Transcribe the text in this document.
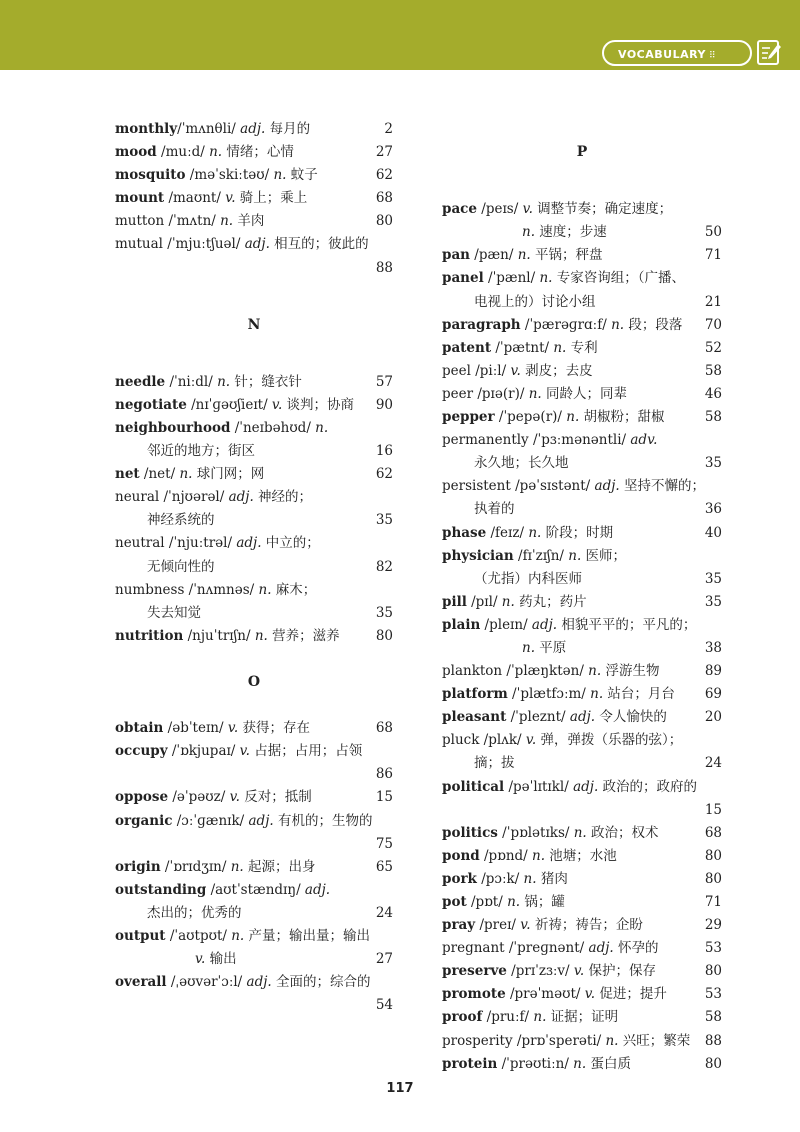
VOCABULARY ⠿
monthly/ˈmʌnθli/ adj. 每月的	2
mood /muːd/ n. 情绪；心情	27
mosquito /məˈskiːtəʊ/ n. 蚊子	62
mount /maʊnt/ v. 骑上；乘上	68
mutton /ˈmʌtn/ n. 羊肉	80
mutual /ˈmjuːtʃuəl/ adj. 相互的；彼此的
88
N
needle /ˈniːdl/ n. 针；缝衣针	57
negotiate /nɪˈɡəʊʃieɪt/ v. 谈判；协商 90
neighbourhood /ˈneɪbəhʊd/ n.
邻近的地方；街区	16
net /net/ n. 球门网；网	62
neural /ˈnjʊərəl/ adj. 神经的；
神经系统的	35
neutral /ˈnjuːtrəl/ adj. 中立的；
无倾向性的	82
numbness /ˈnʌmnəs/ n. 麻木；
失去知觉	35
nutrition /njuˈtrɪʃn/ n. 营养；滋养	80
O
obtain /əbˈteɪn/ v. 获得；存在	68
occupy /ˈɒkjupaɪ/ v. 占据；占用；占领
86
oppose /əˈpəʊz/ v. 反对；抵制	15
organic /ɔːˈɡænɪk/ adj. 有机的；生物的
75
origin /ˈɒrɪdʒɪn/ n. 起源；出身	65
outstanding /aʊtˈstændɪŋ/ adj.
杰出的；优秀的	24
output /ˈaʊtpʊt/ n. 产量；输出量；输出
v. 输出	27
overall /ˌəʊvərˈɔːl/ adj. 全面的；综合的
54
P
pace /peɪs/ v. 调整节奏；确定速度；
n. 速度；步速	50
pan /pæn/ n. 平锅；秤盘	71
panel /ˈpænl/ n. 专家咨询组；（广播、
电视上的）讨论小组	21
paragraph /ˈpærəɡrɑːf/ n. 段；段落 70
patent /ˈpætnt/ n. 专利	52
peel /piːl/ v. 剥皮；去皮	58
peer /pɪə(r)/ n. 同龄人；同辈	46
pepper /ˈpepə(r)/ n. 胡椒粉；甜椒	58
permanently /ˈpɜːmənəntli/ adv.
永久地；长久地	35
persistent /pəˈsɪstənt/ adj. 坚持不懈的；
执着的	36
phase /feɪz/ n. 阶段；时期	40
physician /fɪˈzɪʃn/ n. 医师；
（尤指）内科医师	35
pill /pɪl/ n. 药丸；药片	35
plain /pleɪn/ adj. 相貌平平的；平凡的；
n. 平原	38
plankton /ˈplæŋktən/ n. 浮游生物	89
platform /ˈplætfɔːm/ n. 站台；月台 69
pleasant /ˈpleznt/ adj. 令人愉快的	20
pluck /plʌk/ v. 弹，弹拨（乐器的弦）；
摘；拔	24
political /pəˈlɪtɪkl/ adj. 政治的；政府的
15
politics /ˈpɒlətɪks/ n. 政治；权术	68
pond /pɒnd/ n. 池塘；水池	80
pork /pɔːk/ n. 猪肉	80
pot /pɒt/ n. 锅；罐	71
pray /preɪ/ v. 祈祷；祷告；企盼	29
pregnant /ˈpreɡnənt/ adj. 怀孕的	53
preserve /prɪˈzɜːv/ v. 保护；保存	80
promote /prəˈməʊt/ v. 促进；提升	53
proof /pruːf/ n. 证据；证明	58
prosperity /prɒˈsperəti/ n. 兴旺；繁荣 88
protein /ˈprəʊtiːn/ n. 蛋白质	80
117
